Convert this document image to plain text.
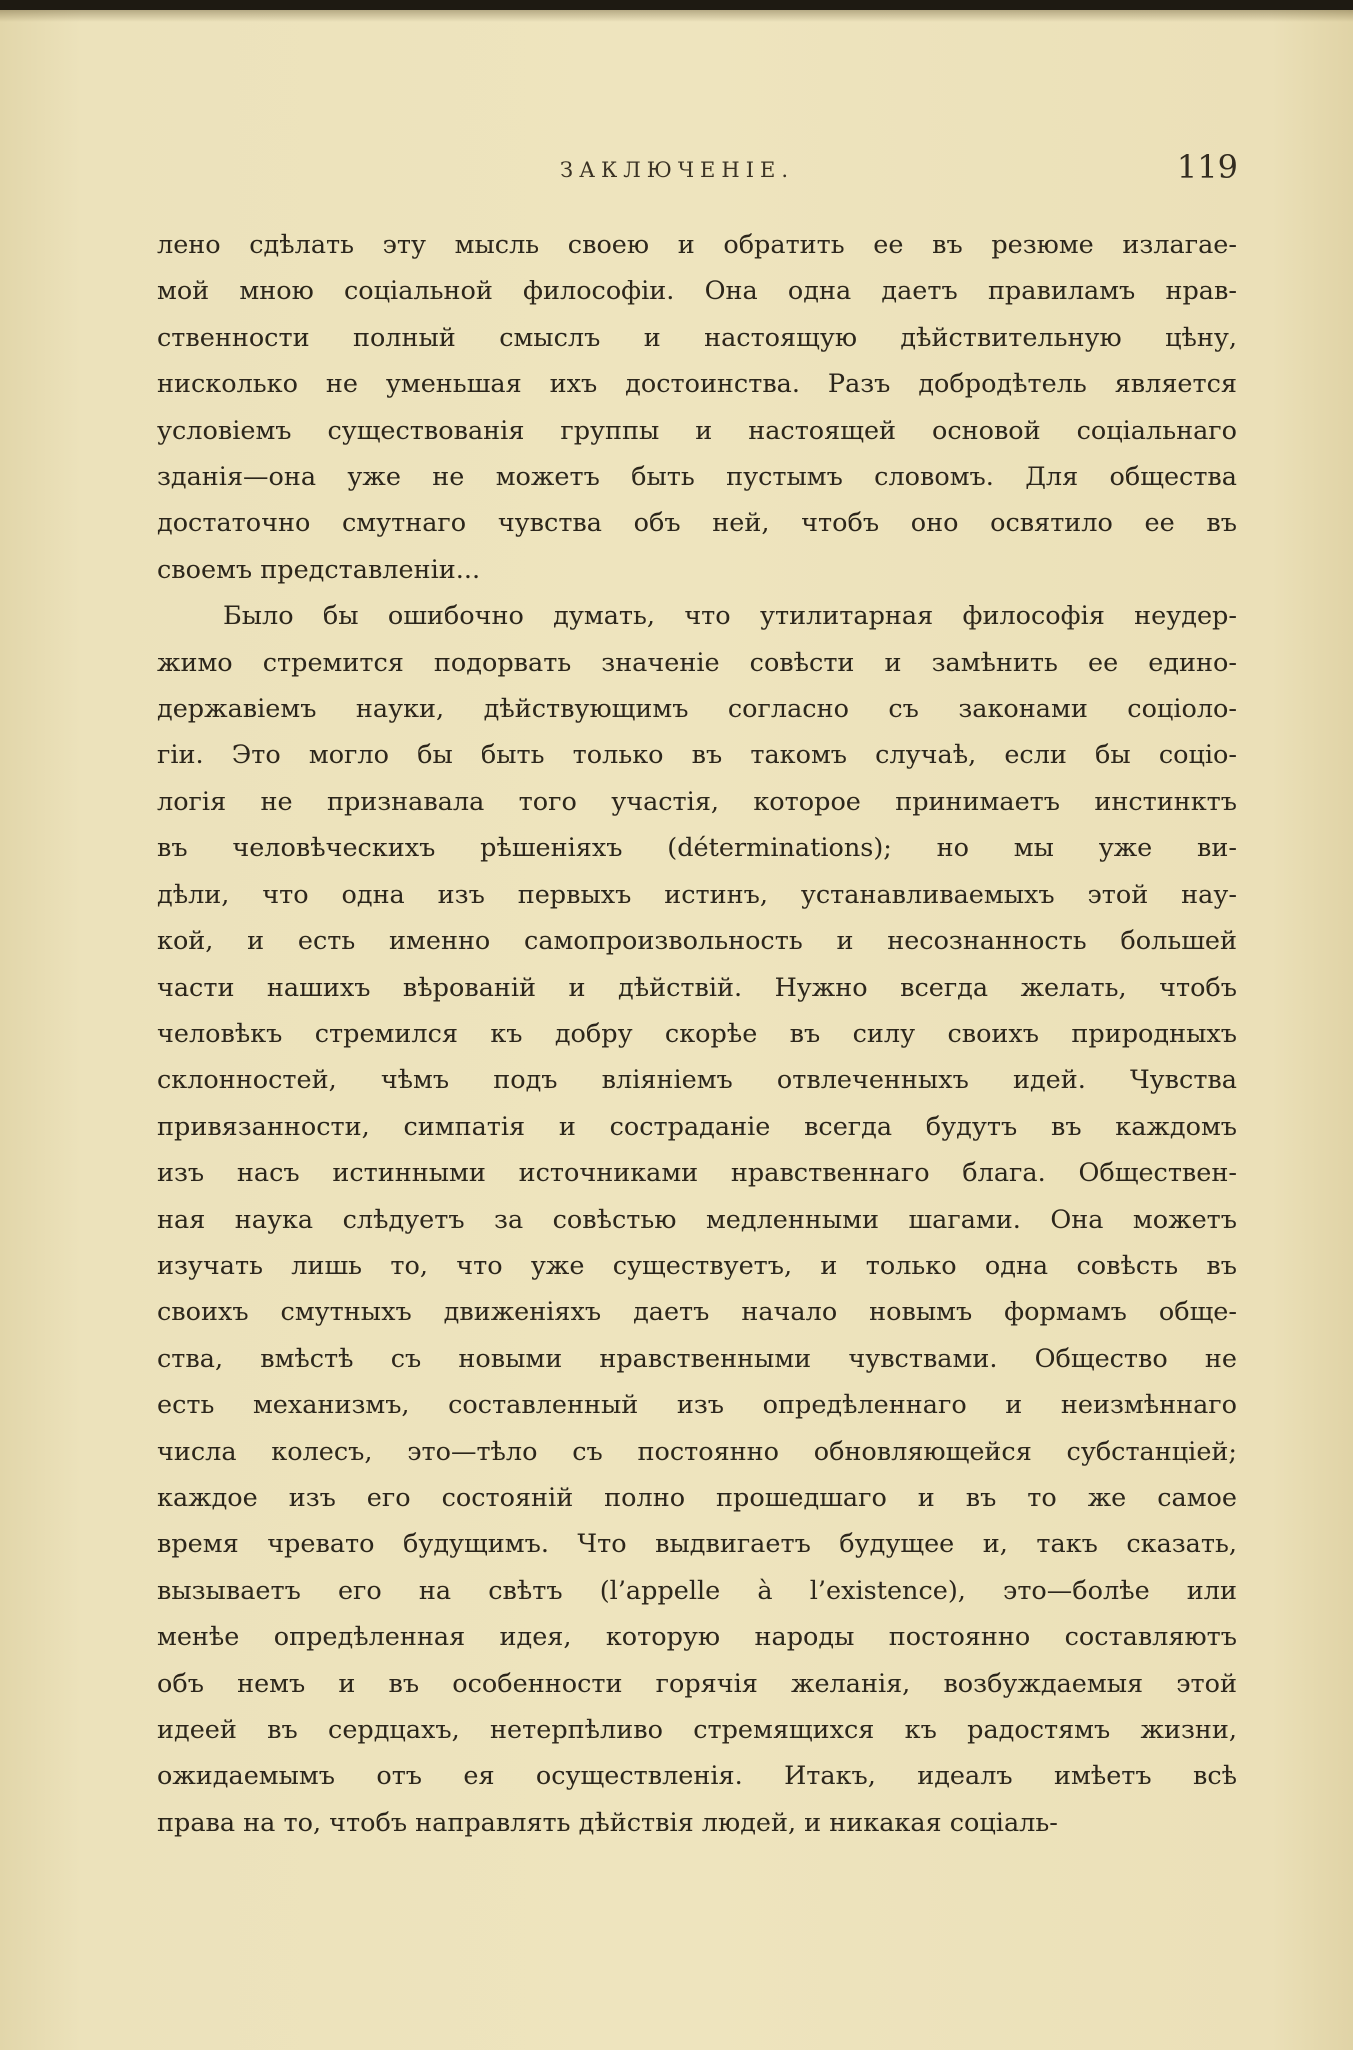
ЗАКЛЮЧЕНІЕ.	119
лено сдѣлать эту мысль своею и обратить ее въ резюме излагае-
мой мною соціальной философіи. Она одна даетъ правиламъ нрав-
ственности полный смыслъ и настоящую дѣйствительную цѣну,
нисколько не уменьшая ихъ достоинства. Разъ добродѣтель является
условіемъ существованія группы и настоящей основой соціальнаго
зданія—она уже не можетъ быть пустымъ словомъ. Для общества
достаточно смутнаго чувства объ ней, чтобъ оно освятило ее въ
своемъ представленіи...
Было бы ошибочно думать, что утилитарная философія неудер-
жимо стремится подорвать значеніе совѣсти и замѣнить ее едино-
державіемъ науки, дѣйствующимъ согласно съ законами соціоло-
гіи. Это могло бы быть только въ такомъ случаѣ, если бы соціо-
логія не признавала того участія, которое принимаетъ инстинктъ
въ человѣческихъ рѣшеніяхъ (déterminations); но мы уже ви-
дѣли, что одна изъ первыхъ истинъ, устанавливаемыхъ этой нау-
кой, и есть именно самопроизвольность и несознанность большей
части нашихъ вѣрованій и дѣйствій. Нужно всегда желать, чтобъ
человѣкъ стремился къ добру скорѣе въ силу своихъ природныхъ
склонностей, чѣмъ подъ вліяніемъ отвлеченныхъ идей. Чувства
привязанности, симпатія и состраданіе всегда будутъ въ каждомъ
изъ насъ истинными источниками нравственнаго блага. Обществен-
ная наука слѣдуетъ за совѣстью медленными шагами. Она можетъ
изучать лишь то, что уже существуетъ, и только одна совѣсть въ
своихъ смутныхъ движеніяхъ даетъ начало новымъ формамъ обще-
ства, вмѣстѣ съ новыми нравственными чувствами. Общество не
есть механизмъ, составленный изъ опредѣленнаго и неизмѣннаго
числа колесъ, это—тѣло съ постоянно обновляющейся субстанціей;
каждое изъ его состояній полно прошедшаго и въ то же самое
время чревато будущимъ. Что выдвигаетъ будущее и, такъ сказать,
вызываетъ его на свѣтъ (l’appelle à l’existence), это—болѣе или
менѣе опредѣленная идея, которую народы постоянно составляютъ
объ немъ и въ особенности горячія желанія, возбуждаемыя этой
идеей въ сердцахъ, нетерпѣливо стремящихся къ радостямъ жизни,
ожидаемымъ отъ ея осуществленія. Итакъ, идеалъ имѣетъ всѣ
права на то, чтобъ направлять дѣйствія людей, и никакая соціаль-
